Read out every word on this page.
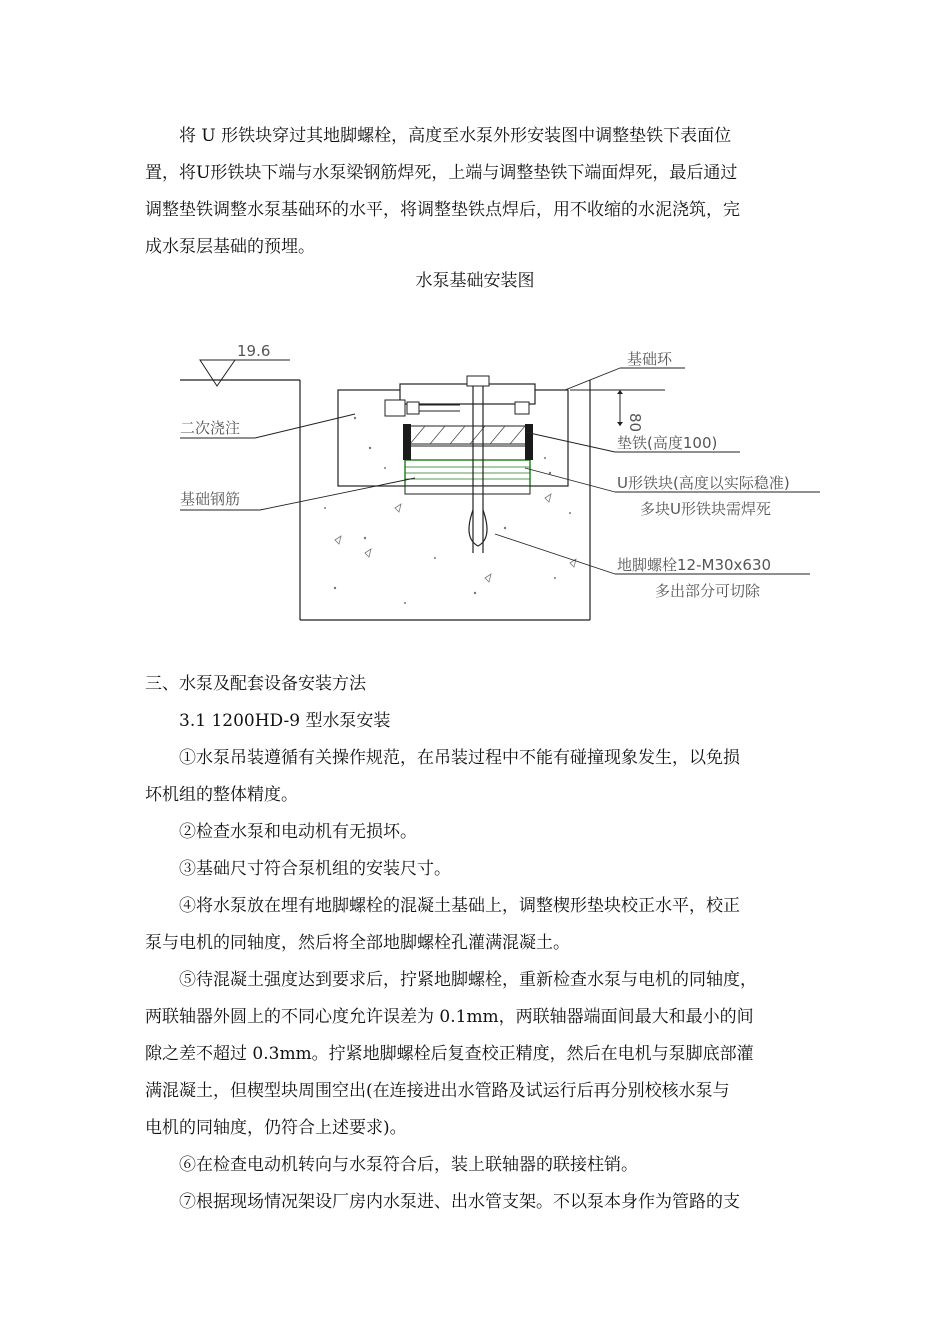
将 U 形铁块穿过其地脚螺栓，高度至水泵外形安装图中调整垫铁下表面位
置，将U形铁块下端与水泵梁钢筋焊死，上端与调整垫铁下端面焊死，最后通过
调整垫铁调整水泵基础环的水平，将调整垫铁点焊后，用不收缩的水泥浇筑，完
成水泵层基础的预埋。

水泵基础安装图
19.6
80
基础环
垫铁(高度100)
U形铁块(高度以实际稳准)
多块U形铁块需焊死
地脚螺栓12-M30x630
多出部分可切除
二次浇注
基础钢筋

三、水泵及配套设备安装方法

3.1 1200HD-9 型水泵安装

①水泵吊装遵循有关操作规范，在吊装过程中不能有碰撞现象发生，以免损
坏机组的整体精度。

②检查水泵和电动机有无损坏。

③基础尺寸符合泵机组的安装尺寸。

④将水泵放在埋有地脚螺栓的混凝土基础上，调整楔形垫块校正水平，校正
泵与电机的同轴度，然后将全部地脚螺栓孔灌满混凝土。

⑤待混凝土强度达到要求后，拧紧地脚螺栓，重新检查水泵与电机的同轴度，
两联轴器外圆上的不同心度允许误差为 0.1mm，两联轴器端面间最大和最小的间
隙之差不超过 0.3mm。拧紧地脚螺栓后复查校正精度，然后在电机与泵脚底部灌
满混凝土，但楔型块周围空出(在连接进出水管路及试运行后再分别校核水泵与
电机的同轴度，仍符合上述要求)。

⑥在检查电动机转向与水泵符合后，装上联轴器的联接柱销。

⑦根据现场情况架设厂房内水泵进、出水管支架。不以泵本身作为管路的支
